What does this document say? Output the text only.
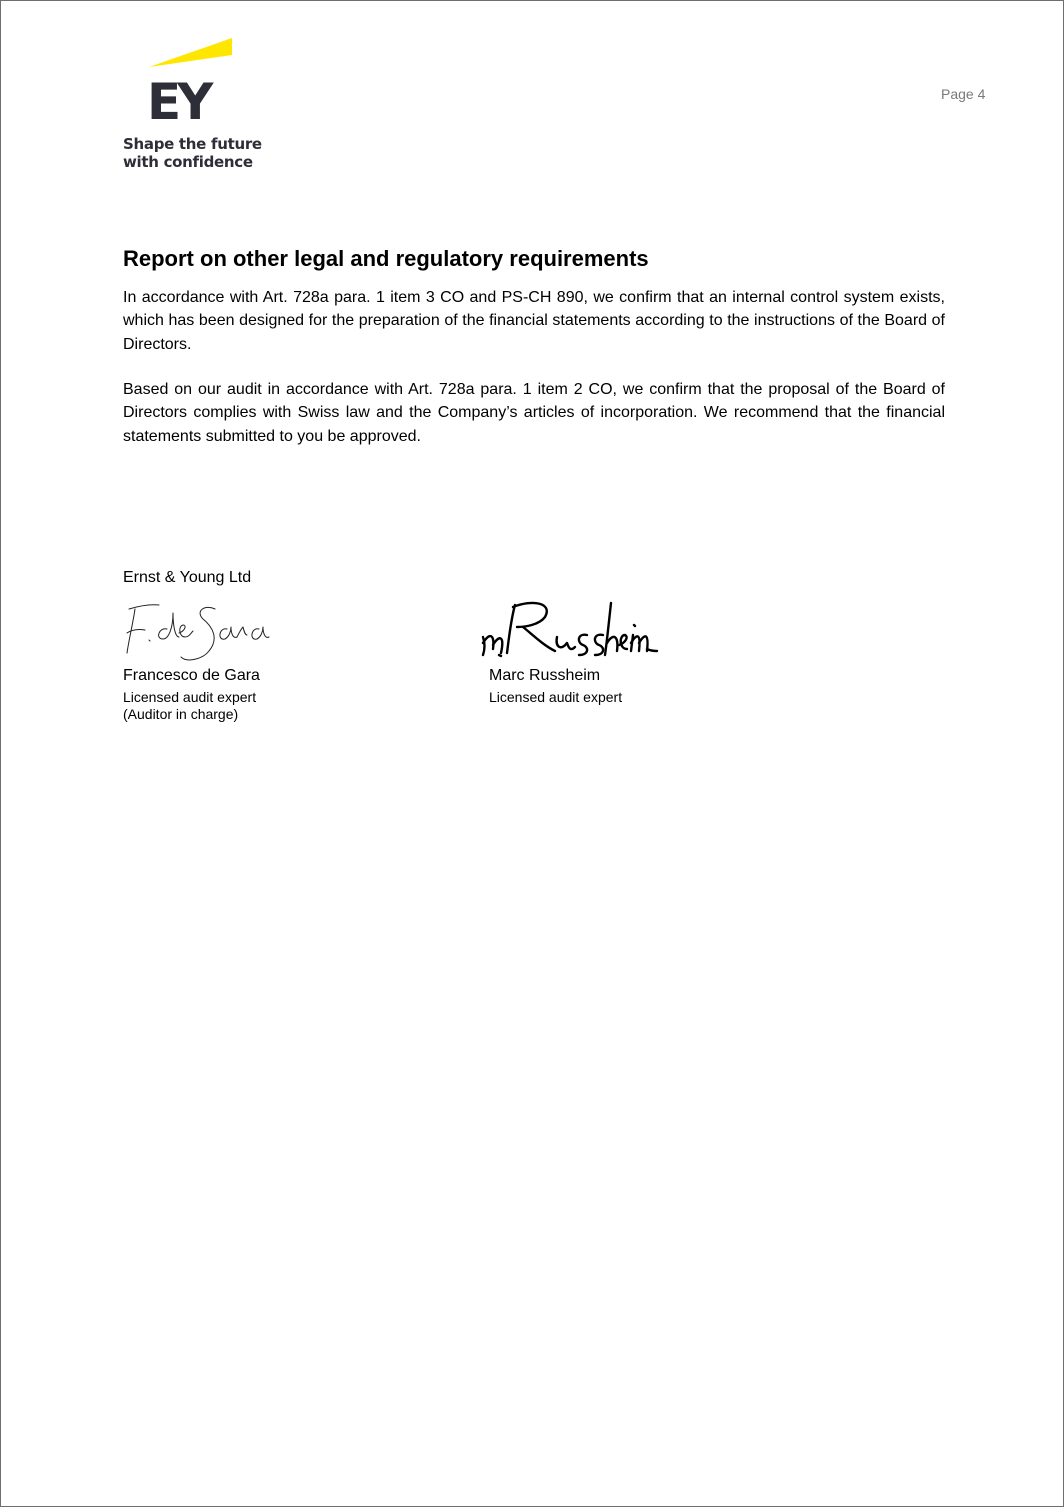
EY
Shape the future
with confidence
Page 4
Report on other legal and regulatory requirements

In accordance with Art. 728a para. 1 item 3 CO and PS-CH 890, we confirm that an internal control system exists, which has been designed for the preparation of the financial statements according to the instructions of the Board of Directors.

Based on our audit in accordance with Art. 728a para. 1 item 2 CO, we confirm that the proposal of the Board of Directors complies with Swiss law and the Company’s articles of incorporation. We recommend that the financial statements submitted to you be approved.

Ernst & Young Ltd
Francesco de Gara
Licensed audit expert
(Auditor in charge)
Marc Russheim
Licensed audit expert
